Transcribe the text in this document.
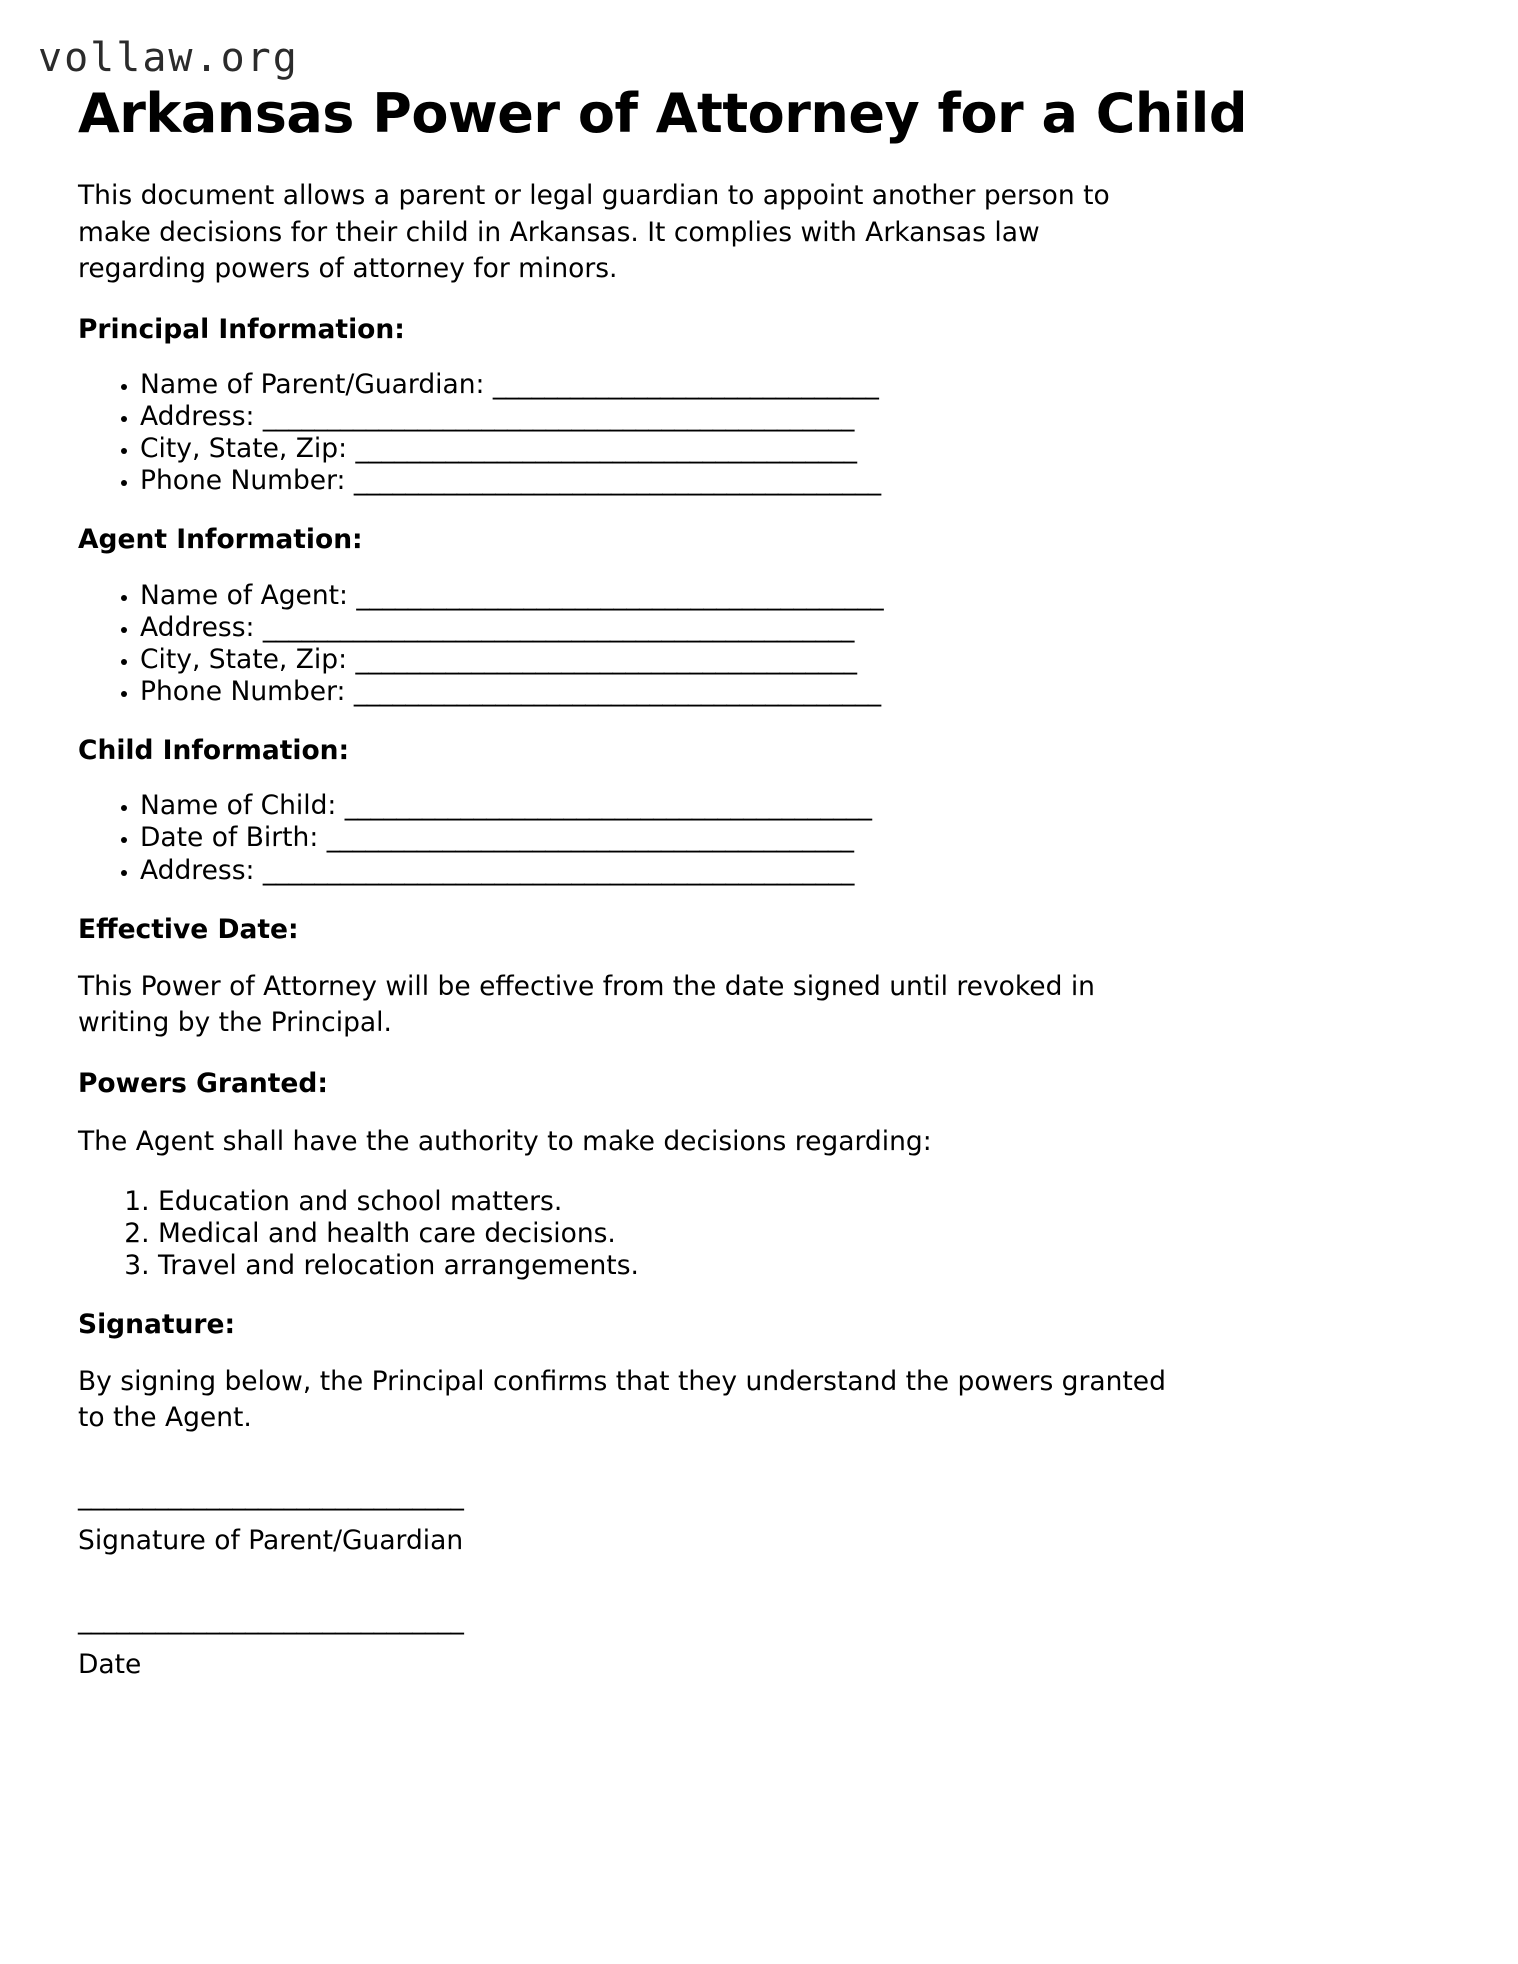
vollaw.org
Arkansas Power of Attorney for a Child

This document allows a parent or legal guardian to appoint another person to make decisions for their child in Arkansas. It complies with Arkansas law regarding powers of attorney for minors.

Principal Information:
• Name of Parent/Guardian: ______________________________
• Address: ______________________________________________
• City, State, Zip: _______________________________________
• Phone Number: _________________________________________
Agent Information:
• Name of Agent: _________________________________________
• Address: ______________________________________________
• City, State, Zip: _______________________________________
• Phone Number: _________________________________________
Child Information:
• Name of Child: _________________________________________
• Date of Birth: _________________________________________
• Address: ______________________________________________
Effective Date:

This Power of Attorney will be effective from the date signed until revoked in writing by the Principal.

Powers Granted:

The Agent shall have the authority to make decisions regarding:

1. Education and school matters.
2. Medical and health care decisions.
3. Travel and relocation arrangements.
Signature:

By signing below, the Principal confirms that they understand the powers granted to the Agent.

______________________________
Signature of Parent/Guardian
______________________________
Date
